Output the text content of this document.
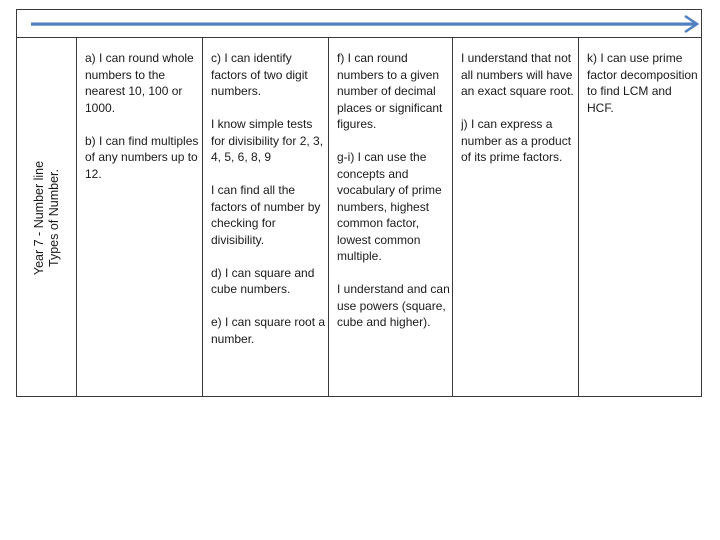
Year 7 - Number line Types of Number.

a) I can round whole numbers to the nearest 10, 100 or 1000.

b) I can find multiples of any numbers up to 12.

c) I can identify factors of two digit numbers.

I know simple tests for divisibility for 2, 3, 4, 5, 6, 8, 9

I can find all the factors of number by checking for divisibility.

d) I can square and cube numbers.

e) I can square root a number.

f) I can round numbers to a given number of decimal places or significant figures.

g-i) I can use the concepts and vocabulary of prime numbers, highest common factor, lowest common multiple.

I understand and can use powers (square, cube and higher).

I understand that not all numbers will have an exact square root.

j) I can express a number as a product of its prime factors.

k) I can use prime factor decomposition to find LCM and HCF.
